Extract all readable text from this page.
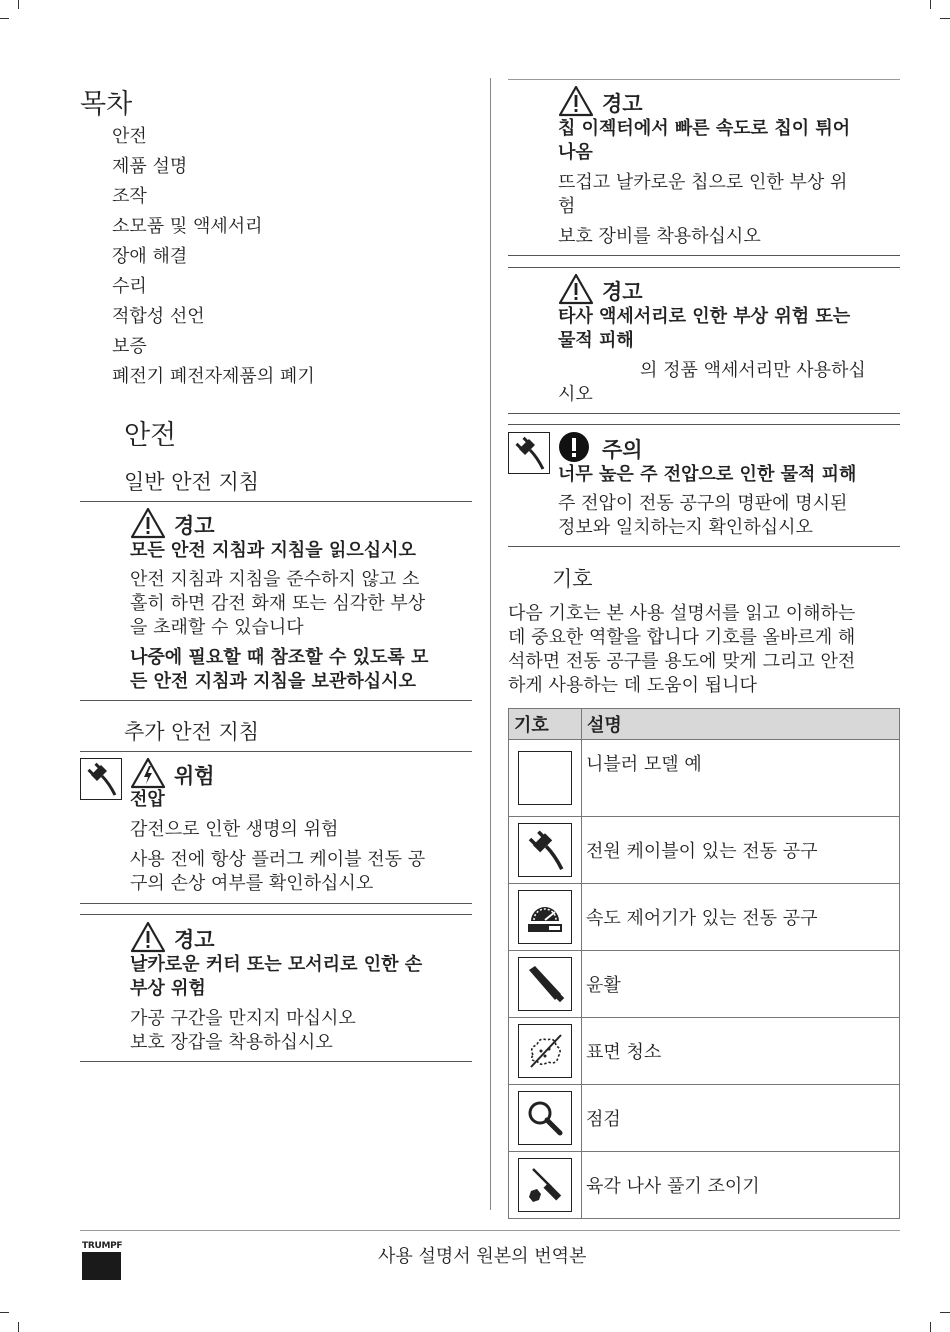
목차
안전
제품 설명
조작
소모품 및 액세서리
장애 해결
수리
적합성 선언
보증
폐전기 폐전자제품의 폐기
안전
일반 안전 지침
경고
모든 안전 지침과 지침을 읽으십시오
안전 지침과 지침을 준수하지 않고 소
홀히 하면 감전 화재 또는 심각한 부상
을 초래할 수 있습니다
나중에 필요할 때 참조할 수 있도록 모
든 안전 지침과 지침을 보관하십시오
추가 안전 지침
위험
전압
감전으로 인한 생명의 위험
사용 전에 항상 플러그 케이블 전동 공
구의 손상 여부를 확인하십시오
경고
날카로운 커터 또는 모서리로 인한 손
부상 위험
가공 구간을 만지지 마십시오
보호 장갑을 착용하십시오
경고
칩 이젝터에서 빠른 속도로 칩이 튀어
나옴
뜨겁고 날카로운 칩으로 인한 부상 위
험
보호 장비를 착용하십시오
경고
타사 액세서리로 인한 부상 위험 또는
물적 피해
의 정품 액세서리만 사용하십
시오
주의
너무 높은 주 전압으로 인한 물적 피해
주 전압이 전동 공구의 명판에 명시된
정보와 일치하는지 확인하십시오
기호
다음 기호는 본 사용 설명서를 읽고 이해하는
데 중요한 역할을 합니다 기호를 올바르게 해
석하면 전동 공구를 용도에 맞게 그리고 안전
하게 사용하는 데 도움이 됩니다
기호	설명

	니블러 모델 예

	전원 케이블이 있는 전동 공구

	속도 제어기가 있는 전동 공구

	윤활

	표면 청소

	점검

	육각 나사 풀기 조이기
TRUMPF	사용 설명서 원본의 번역본
